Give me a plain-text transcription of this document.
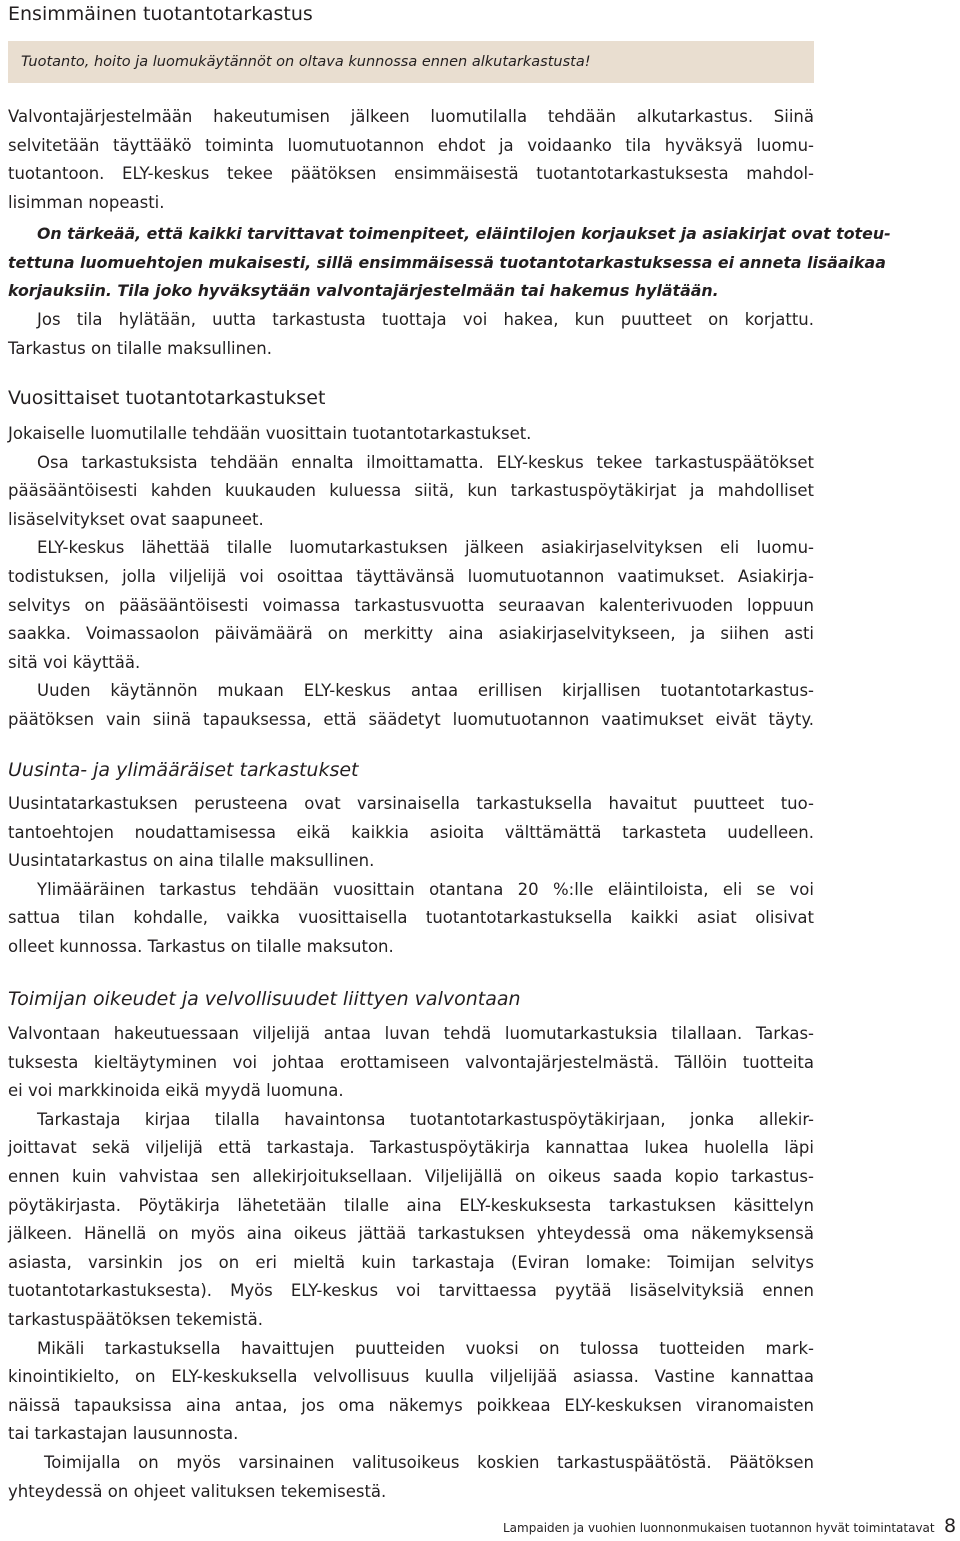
Ensimmäinen tuotantotarkastus
Tuotanto, hoito ja luomukäytännöt on oltava kunnossa ennen alkutarkastusta!
Valvontajärjestelmään hakeutumisen jälkeen luomutilalla tehdään alkutarkastus. Siinä
selvitetään täyttääkö toiminta luomutuotannon ehdot ja voidaanko tila hyväksyä luomu-
tuotantoon. ELY-keskus tekee päätöksen ensimmäisestä tuotantotarkastuksesta mahdol-
lisimman nopeasti.
On tärkeää, että kaikki tarvittavat toimenpiteet, eläintilojen korjaukset ja asiakirjat ovat toteu-
tettuna luomuehtojen mukaisesti, sillä ensimmäisessä tuotantotarkastuksessa ei anneta lisäaikaa
korjauksiin. Tila joko hyväksytään valvontajärjestelmään tai hakemus hylätään.
Jos tila hylätään, uutta tarkastusta tuottaja voi hakea, kun puutteet on korjattu.
Tarkastus on tilalle maksullinen.
Vuosittaiset tuotantotarkastukset
Jokaiselle luomutilalle tehdään vuosittain tuotantotarkastukset.
Osa tarkastuksista tehdään ennalta ilmoittamatta. ELY-keskus tekee tarkastuspäätökset
pääsääntöisesti kahden kuukauden kuluessa siitä, kun tarkastuspöytäkirjat ja mahdolliset
lisäselvitykset ovat saapuneet.
ELY-keskus lähettää tilalle luomutarkastuksen jälkeen asiakirjaselvityksen eli luomu-
todistuksen, jolla viljelijä voi osoittaa täyttävänsä luomutuotannon vaatimukset. Asiakirja-
selvitys on pääsääntöisesti voimassa tarkastusvuotta seuraavan kalenterivuoden loppuun
saakka. Voimassaolon päivämäärä on merkitty aina asiakirjaselvitykseen, ja siihen asti
sitä voi käyttää.
Uuden käytännön mukaan ELY-keskus antaa erillisen kirjallisen tuotantotarkastus-
päätöksen vain siinä tapauksessa, että säädetyt luomutuotannon vaatimukset eivät täyty.
Uusinta- ja ylimääräiset tarkastukset
Uusintatarkastuksen perusteena ovat varsinaisella tarkastuksella havaitut puutteet tuo-
tantoehtojen noudattamisessa eikä kaikkia asioita välttämättä tarkasteta uudelleen.
Uusintatarkastus on aina tilalle maksullinen.
Ylimääräinen tarkastus tehdään vuosittain otantana 20 %:lle eläintiloista, eli se voi
sattua tilan kohdalle, vaikka vuosittaisella tuotantotarkastuksella kaikki asiat olisivat
olleet kunnossa. Tarkastus on tilalle maksuton.
Toimijan oikeudet ja velvollisuudet liittyen valvontaan
Valvontaan hakeutuessaan viljelijä antaa luvan tehdä luomutarkastuksia tilallaan. Tarkas-
tuksesta kieltäytyminen voi johtaa erottamiseen valvontajärjestelmästä. Tällöin tuotteita
ei voi markkinoida eikä myydä luomuna.
Tarkastaja kirjaa tilalla havaintonsa tuotantotarkastuspöytäkirjaan, jonka allekir-
joittavat sekä viljelijä että tarkastaja. Tarkastuspöytäkirja kannattaa lukea huolella läpi
ennen kuin vahvistaa sen allekirjoituksellaan. Viljelijällä on oikeus saada kopio tarkastus-
pöytäkirjasta. Pöytäkirja lähetetään tilalle aina ELY-keskuksesta tarkastuksen käsittelyn
jälkeen. Hänellä on myös aina oikeus jättää tarkastuksen yhteydessä oma näkemyksensä
asiasta, varsinkin jos on eri mieltä kuin tarkastaja (Eviran lomake: Toimijan selvitys
tuotantotarkastuksesta). Myös ELY-keskus voi tarvittaessa pyytää lisäselvityksiä ennen
tarkastuspäätöksen tekemistä.
Mikäli tarkastuksella havaittujen puutteiden vuoksi on tulossa tuotteiden mark-
kinointikielto, on ELY-keskuksella velvollisuus kuulla viljelijää asiassa. Vastine kannattaa
näissä tapauksissa aina antaa, jos oma näkemys poikkeaa ELY-keskuksen viranomaisten
tai tarkastajan lausunnosta.
Toimijalla on myös varsinainen valitusoikeus koskien tarkastuspäätöstä. Päätöksen
yhteydessä on ohjeet valituksen tekemisestä.
Lampaiden ja vuohien luonnonmukaisen tuotannon hyvät toimintatavat 8
